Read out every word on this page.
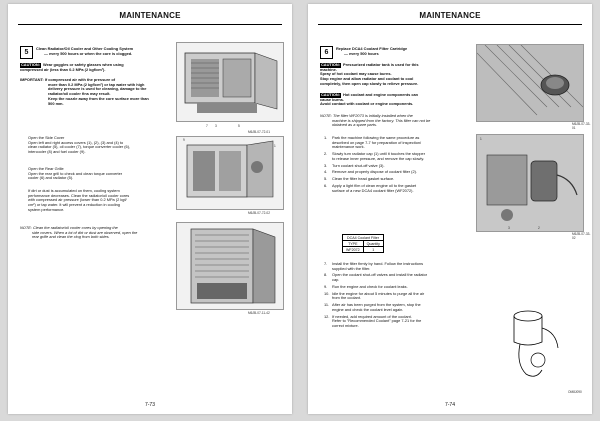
MAINTENANCE
5

Clean Radiator/Oil Cooler and Other Cooling System

— every 500 hours or when the core is clogged.

CAUTION: Wear goggles or safety glasses when using
compressed air (less than 0.2 MPa (2 kgf/cm²).
IMPORTANT: If compressed air with the pressure of
more than 0.2 MPa (2 kgf/cm²) or tap water with high
delivery pressure is used for cleaning, damage to the
radiator/oil cooler fins may result.
Keep the nozzle away from the core surface more than
500 mm.
Open the Side Cover
Open left and right access covers (1), (2), (3) and (4) to
clean radiator (5), oil cooler (7), torque converter cooler (6),
intercooler (8) and fuel cooler (9).
Open the Rear Grille
Open the rear grill to check and clean torque converter
cooler (6) and radiator (5).
If dirt or dust is accumulated on them, cooling system
performance decreases. Clean the radiator/oil cooler cores
with compressed air pressure (lower than 0.2 MPa (2 kgf/
cm²) or tap water. It will prevent a reduction in cooling
system performance.
NOTE: Clean the radiator/oil cooler cores by opening the
side covers. When a lot of dirt or dust are observed, open the
rear grille and clean the clog from both sides.
7 3	5
M6JB-07-72-01
9
1
M6JB-07-72-02
M6JB-07-11-42
7-73
MAINTENANCE
6

Replace DCA4 Coolant Filter Cartridge

— every 500 hours

CAUTION: Pressurized radiator tank is used for this
machine.
Spray of hot coolant may cause burns.
Stop engine and allow radiator and coolant to cool
completely, then open cap slowly to relieve pressure.
CAUTION: Hot coolant and engine components can
cause burns.
Avoid contact with coolant or engine components.
NOTE: The filter WF2073 is initially installed when the
machine is shipped from the factory. This filter can not be
obtained as a spare parts.
1. Park the machine following the same procedure as
described on page 7-7 for preparation of inspection/
maintenance work.
2. Slowly turn radiator cap (1) until it touches the stopper
to release inner pressure, and remove the cap slowly.
3. Turn coolant shut-off valve (3).
4. Remove and properly dispose of coolant filter (2).
5. Clean the filter head gasket surface.
6. Apply a light film of clean engine oil to the gasket
surface of a new DCA4 coolant filter (WF2072).
DCA4 Coolant Filter	
TYPE	Quantity
WF2072	1
7. Install the filter firmly by hand. Follow the instructions
supplied with the filter.
8. Open the coolant shut-off valves and install the radiator
cap.
9. Run the engine and check for coolant leaks.
10. Idle the engine for about 5 minutes to purge all the air
from the coolant.
11. After air has been purged from the system, stop the
engine and check the coolant level again.
12. If needed, add required amount of the coolant.
Refer to "Recommended Coolant" page 7-21 for the
correct mixture.
M6JB-07-33-01
1
2
3
M6JB-07-33-02
OM8J090
7-74
